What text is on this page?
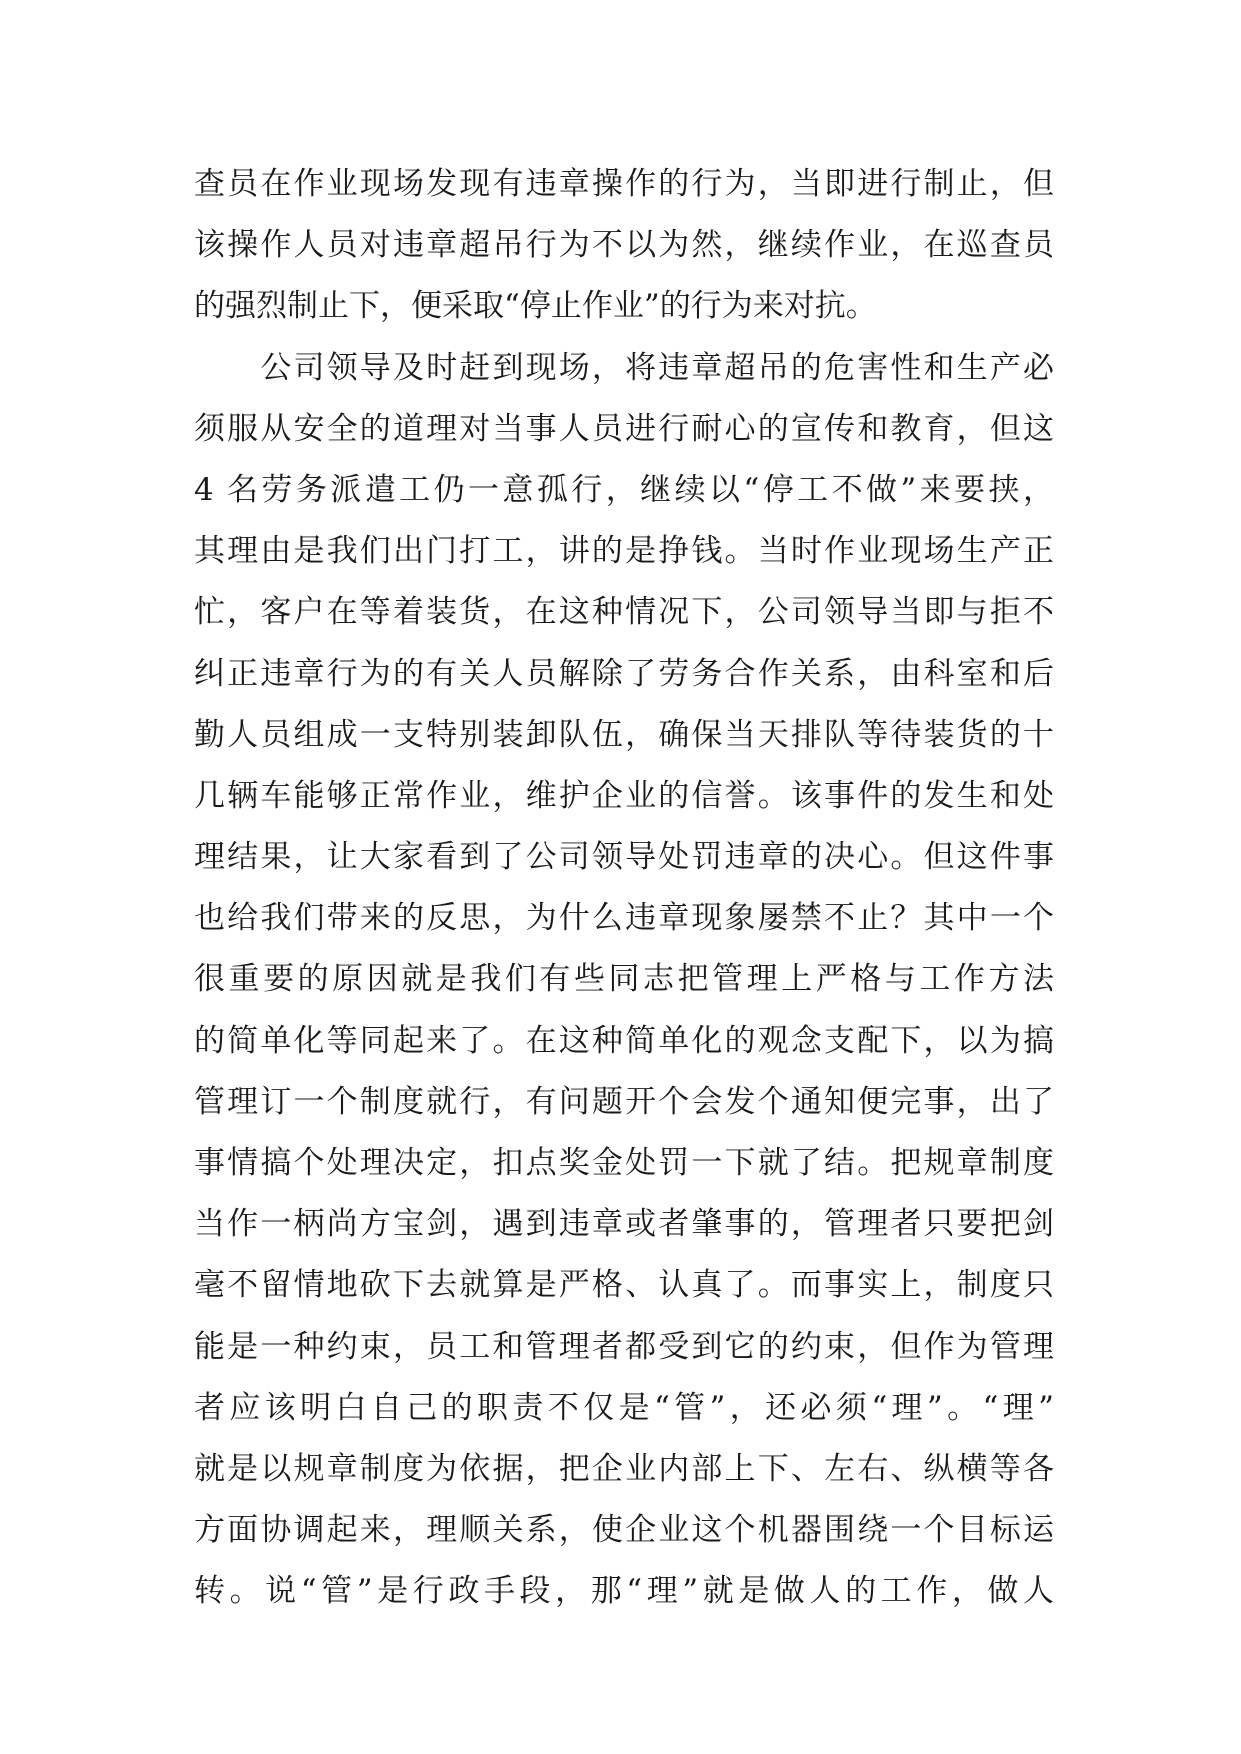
查员在作业现场发现有违章操作的行为，当即进行制止，但
该操作人员对违章超吊行为不以为然，继续作业，在巡查员
的强烈制止下，便采取“停止作业”的行为来对抗。
　　公司领导及时赶到现场，将违章超吊的危害性和生产必
须服从安全的道理对当事人员进行耐心的宣传和教育，但这
4 名劳务派遣工仍一意孤行，继续以“停工不做”来要挟，
其理由是我们出门打工，讲的是挣钱。当时作业现场生产正
忙，客户在等着装货，在这种情况下，公司领导当即与拒不
纠正违章行为的有关人员解除了劳务合作关系，由科室和后
勤人员组成一支特别装卸队伍，确保当天排队等待装货的十
几辆车能够正常作业，维护企业的信誉。该事件的发生和处
理结果，让大家看到了公司领导处罚违章的决心。但这件事
也给我们带来的反思，为什么违章现象屡禁不止？其中一个
很重要的原因就是我们有些同志把管理上严格与工作方法
的简单化等同起来了。在这种简单化的观念支配下，以为搞
管理订一个制度就行，有问题开个会发个通知便完事，出了
事情搞个处理决定，扣点奖金处罚一下就了结。把规章制度
当作一柄尚方宝剑，遇到违章或者肇事的，管理者只要把剑
毫不留情地砍下去就算是严格、认真了。而事实上，制度只
能是一种约束，员工和管理者都受到它的约束，但作为管理
者应该明白自己的职责不仅是“管”，还必须“理”。“理”
就是以规章制度为依据，把企业内部上下、左右、纵横等各
方面协调起来，理顺关系，使企业这个机器围绕一个目标运
转。说“管”是行政手段，那“理”就是做人的工作，做人
